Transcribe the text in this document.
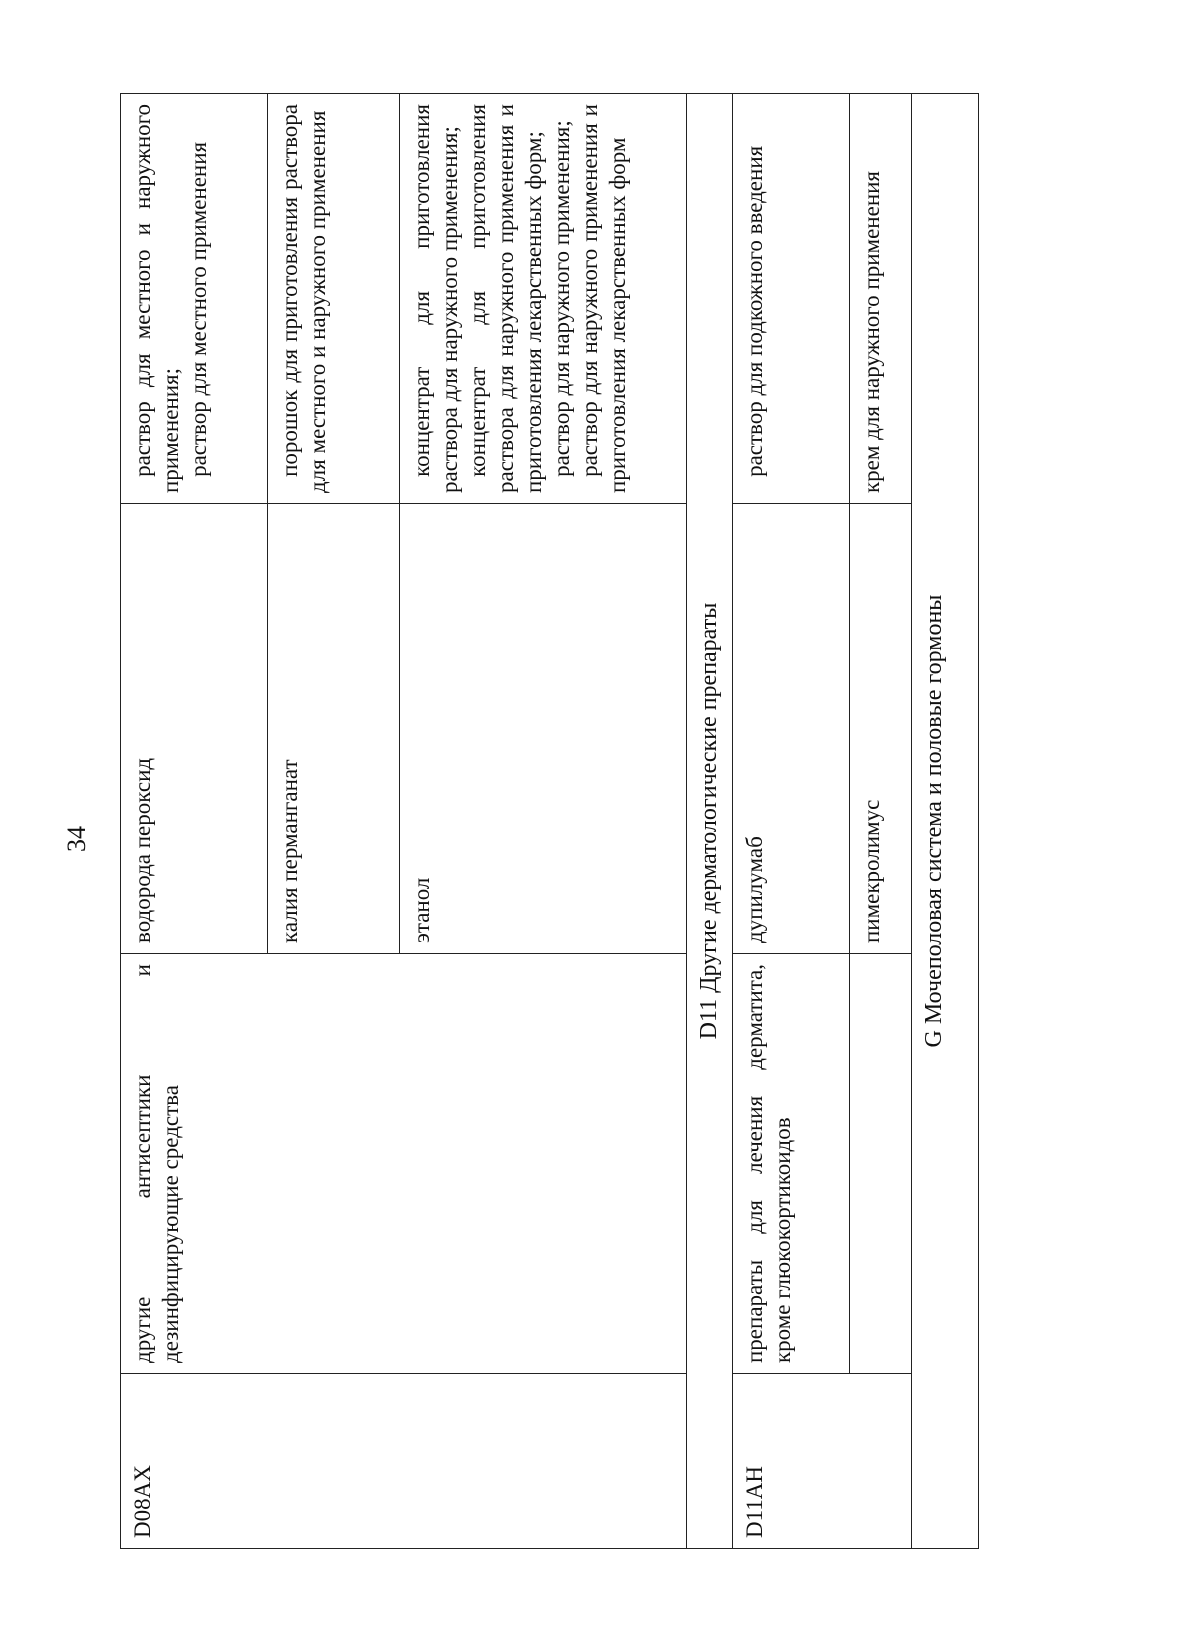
34
D08AX	другие антисептики и дезинфицирующие средства	водорода пероксид	раствор для местного и наружного применения; раствор для местного применения

		калия перманганат	порошок для приготовления раствора для местного и наружного применения

		этанол	концентрат для приготовления раствора для наружного применения; концентрат для приготовления раствора для наружного применения и приготовления лекарственных форм; раствор для наружного применения; раствор для наружного применения и приготовления лекарственных форм

D11 Другие дерматологические препараты			
D11AH	препараты для лечения дерматита, кроме глюкокортикоидов	дупилумаб	раствор для подкожного введения

		пимекролимус	крем для наружного применения

G Мочеполовая система и половые гормоны			
